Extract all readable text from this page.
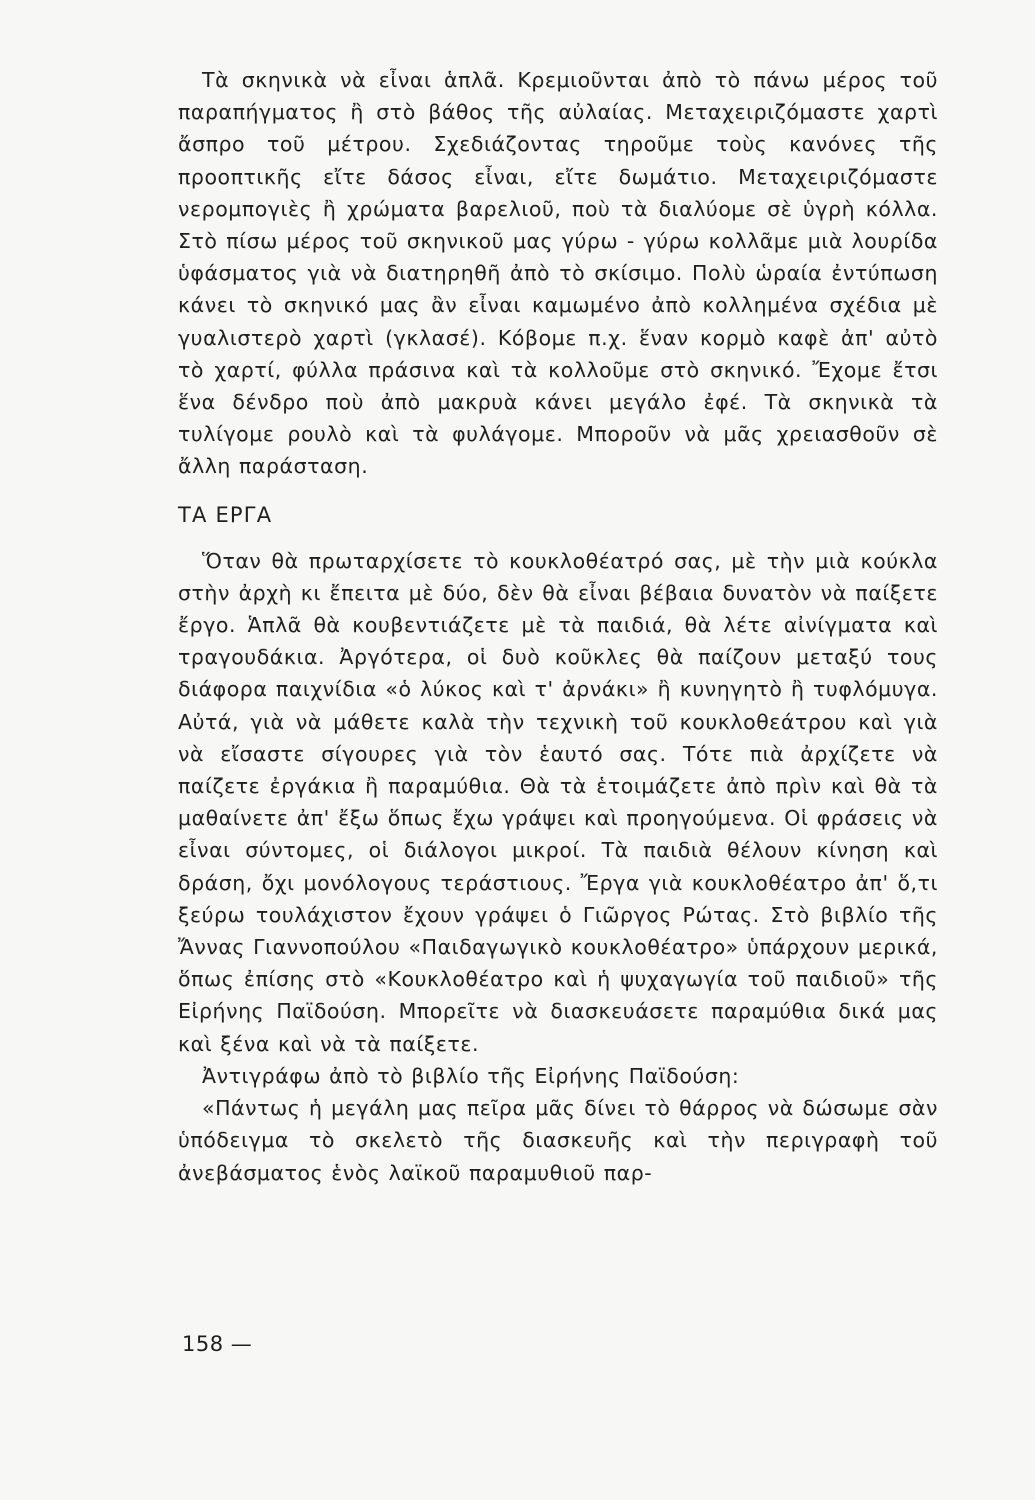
Τὰ σκηνικὰ νὰ εἶναι ἁπλᾶ. Κρεμιοῦνται ἀπὸ τὸ πάνω μέρος τοῦ παραπήγματος ἢ στὸ βάθος τῆς αὐλαίας. Μεταχειριζόμαστε χαρτὶ ἄσπρο τοῦ μέτρου. Σχεδιάζοντας τηροῦμε τοὺς κανόνες τῆς προοπτικῆς εἴτε δάσος εἶναι, εἴτε δωμάτιο. Μεταχειριζόμαστε νερομπογιὲς ἢ χρώματα βαρελιοῦ, ποὺ τὰ διαλύομε σὲ ὑγρὴ κόλλα. Στὸ πίσω μέρος τοῦ σκηνικοῦ μας γύρω - γύρω κολλᾶμε μιὰ λουρίδα ὑφάσματος γιὰ νὰ διατηρηθῆ ἀπὸ τὸ σκίσιμο. Πολὺ ὡραία ἐντύπωση κάνει τὸ σκηνικό μας ἂν εἶναι καμωμένο ἀπὸ κολλημένα σχέδια μὲ γυαλιστερὸ χαρτὶ (γκλασέ). Κόβομε π.χ. ἕναν κορμὸ καφὲ ἀπ' αὐτὸ τὸ χαρτί, φύλλα πράσινα καὶ τὰ κολλοῦμε στὸ σκηνικό. Ἔχομε ἔτσι ἕνα δένδρο ποὺ ἀπὸ μακρυὰ κάνει μεγάλο ἐφέ. Τὰ σκηνικὰ τὰ τυλίγομε ρουλὸ καὶ τὰ φυλάγομε. Μποροῦν νὰ μᾶς χρειασθοῦν σὲ ἄλλη παράσταση.

ΤΑ ΕΡΓΑ

Ὅταν θὰ πρωταρχίσετε τὸ κουκλοθέατρό σας, μὲ τὴν μιὰ κούκλα στὴν ἀρχὴ κι ἔπειτα μὲ δύο, δὲν θὰ εἶναι βέβαια δυνατὸν νὰ παίξετε ἔργο. Ἁπλᾶ θὰ κουβεντιάζετε μὲ τὰ παιδιά, θὰ λέτε αἰνίγματα καὶ τραγουδάκια. Ἀργότερα, οἱ δυὸ κοῦκλες θὰ παίζουν μεταξύ τους διάφορα παιχνίδια «ὁ λύκος καὶ τ' ἀρνάκι» ἢ κυνηγητὸ ἢ τυφλόμυγα. Αὐτά, γιὰ νὰ μάθετε καλὰ τὴν τεχνικὴ τοῦ κουκλοθεάτρου καὶ γιὰ νὰ εἴσαστε σίγουρες γιὰ τὸν ἑαυτό σας. Τότε πιὰ ἀρχίζετε νὰ παίζετε ἐργάκια ἢ παραμύθια. Θὰ τὰ ἑτοιμάζετε ἀπὸ πρὶν καὶ θὰ τὰ μαθαίνετε ἀπ' ἔξω ὅπως ἔχω γράψει καὶ προηγούμενα. Οἱ φράσεις νὰ εἶναι σύντομες, οἱ διάλογοι μικροί. Τὰ παιδιὰ θέλουν κίνηση καὶ δράση, ὄχι μονόλογους τεράστιους. Ἔργα γιὰ κουκλοθέατρο ἀπ' ὅ,τι ξεύρω τουλάχιστον ἔχουν γράψει ὁ Γιῶργος Ρώτας. Στὸ βιβλίο τῆς Ἄννας Γιαννοπούλου «Παιδαγωγικὸ κουκλοθέατρο» ὑπάρχουν μερικά, ὅπως ἐπίσης στὸ «Κουκλοθέατρο καὶ ἡ ψυχαγωγία τοῦ παιδιοῦ» τῆς Εἰρήνης Παϊδούση. Μπορεῖτε νὰ διασκευάσετε παραμύθια δικά μας καὶ ξένα καὶ νὰ τὰ παίξετε.

Ἀντιγράφω ἀπὸ τὸ βιβλίο τῆς Εἰρήνης Παϊδούση:

«Πάντως ἡ μεγάλη μας πεῖρα μᾶς δίνει τὸ θάρρος νὰ δώσωμε σὰν ὑπόδειγμα τὸ σκελετὸ τῆς διασκευῆς καὶ τὴν περιγραφὴ τοῦ ἀνεβάσματος ἑνὸς λαϊκοῦ παραμυθιοῦ παρ-

158 —
